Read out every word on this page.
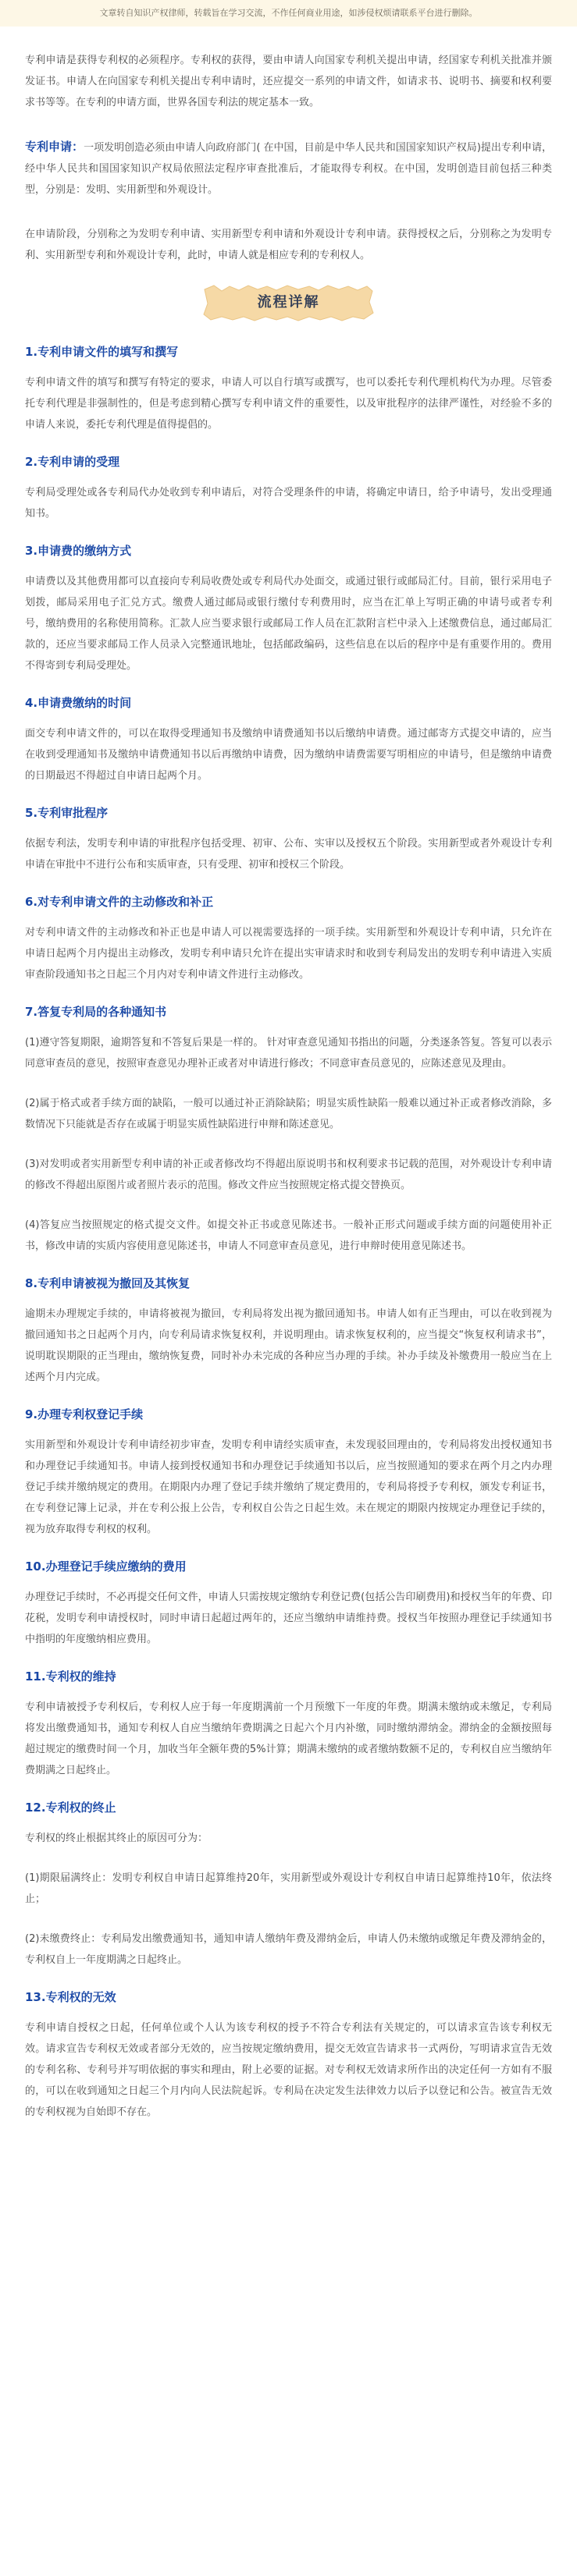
文章转自知识产权律师，转载旨在学习交流，不作任何商业用途，如涉侵权烦请联系平台进行删除。

专利申请是获得专利权的必须程序。专利权的获得，要由申请人向国家专利机关提出申请，经国家专利机关批准并颁发证书。申请人在向国家专利机关提出专利申请时，还应提交一系列的申请文件，如请求书、说明书、摘要和权利要求书等等。在专利的申请方面，世界各国专利法的规定基本一致。

专利申请：一项发明创造必须由申请人向政府部门( 在中国，目前是中华人民共和国国家知识产权局)提出专利申请，经中华人民共和国国家知识产权局依照法定程序审查批准后，才能取得专利权。在中国，发明创造目前包括三种类型，分别是：发明、实用新型和外观设计。

在申请阶段，分别称之为发明专利申请、实用新型专利申请和外观设计专利申请。获得授权之后，分别称之为发明专利、实用新型专利和外观设计专利，此时，申请人就是相应专利的专利权人。

流程详解
1.专利申请文件的填写和撰写

专利申请文件的填写和撰写有特定的要求，申请人可以自行填写或撰写，也可以委托专利代理机构代为办理。尽管委托专利代理是非强制性的，但是考虑到精心撰写专利申请文件的重要性，以及审批程序的法律严谨性，对经验不多的申请人来说，委托专利代理是值得提倡的。

2.专利申请的受理

专利局受理处或各专利局代办处收到专利申请后，对符合受理条件的申请，将确定申请日，给予申请号，发出受理通知书。

3.申请费的缴纳方式

申请费以及其他费用都可以直接向专利局收费处或专利局代办处面交，或通过银行或邮局汇付。目前，银行采用电子划拨，邮局采用电子汇兑方式。缴费人通过邮局或银行缴付专利费用时，应当在汇单上写明正确的申请号或者专利号，缴纳费用的名称使用简称。汇款人应当要求银行或邮局工作人员在汇款附言栏中录入上述缴费信息，通过邮局汇款的，还应当要求邮局工作人员录入完整通讯地址，包括邮政编码，这些信息在以后的程序中是有重要作用的。费用不得寄到专利局受理处。

4.申请费缴纳的时间

面交专利申请文件的，可以在取得受理通知书及缴纳申请费通知书以后缴纳申请费。通过邮寄方式提交申请的，应当在收到受理通知书及缴纳申请费通知书以后再缴纳申请费，因为缴纳申请费需要写明相应的申请号，但是缴纳申请费的日期最迟不得超过自申请日起两个月。

5.专利审批程序

依据专利法，发明专利申请的审批程序包括受理、初审、公布、实审以及授权五个阶段。实用新型或者外观设计专利申请在审批中不进行公布和实质审查，只有受理、初审和授权三个阶段。

6.对专利申请文件的主动修改和补正

对专利申请文件的主动修改和补正也是申请人可以视需要选择的一项手续。实用新型和外观设计专利申请，只允许在申请日起两个月内提出主动修改，发明专利申请只允许在提出实审请求时和收到专利局发出的发明专利申请进入实质审查阶段通知书之日起三个月内对专利申请文件进行主动修改。

7.答复专利局的各种通知书

(1)遵守答复期限，逾期答复和不答复后果是一样的。 针对审查意见通知书指出的问题，分类逐条答复。答复可以表示同意审查员的意见，按照审查意见办理补正或者对申请进行修改；不同意审查员意见的，应陈述意见及理由。

(2)属于格式或者手续方面的缺陷，一般可以通过补正消除缺陷；明显实质性缺陷一般难以通过补正或者修改消除，多数情况下只能就是否存在或属于明显实质性缺陷进行申辩和陈述意见。

(3)对发明或者实用新型专利申请的补正或者修改均不得超出原说明书和权利要求书记载的范围，对外观设计专利申请的修改不得超出原图片或者照片表示的范围。修改文件应当按照规定格式提交替换页。

(4)答复应当按照规定的格式提交文件。如提交补正书或意见陈述书。一般补正形式问题或手续方面的问题使用补正书，修改申请的实质内容使用意见陈述书，申请人不同意审查员意见，进行申辩时使用意见陈述书。

8.专利申请被视为撤回及其恢复

逾期未办理规定手续的，申请将被视为撤回，专利局将发出视为撤回通知书。申请人如有正当理由，可以在收到视为撤回通知书之日起两个月内，向专利局请求恢复权利，并说明理由。请求恢复权利的，应当提交“恢复权利请求书”，说明耽误期限的正当理由，缴纳恢复费，同时补办未完成的各种应当办理的手续。补办手续及补缴费用一般应当在上述两个月内完成。

9.办理专利权登记手续

实用新型和外观设计专利申请经初步审查，发明专利申请经实质审查，未发现驳回理由的，专利局将发出授权通知书和办理登记手续通知书。申请人接到授权通知书和办理登记手续通知书以后，应当按照通知的要求在两个月之内办理登记手续并缴纳规定的费用。在期限内办理了登记手续并缴纳了规定费用的，专利局将授予专利权，颁发专利证书，在专利登记簿上记录，并在专利公报上公告，专利权自公告之日起生效。未在规定的期限内按规定办理登记手续的，视为放弃取得专利权的权利。

10.办理登记手续应缴纳的费用

办理登记手续时，不必再提交任何文件，申请人只需按规定缴纳专利登记费(包括公告印刷费用)和授权当年的年费、印花税，发明专利申请授权时，同时申请日起超过两年的，还应当缴纳申请维持费。授权当年按照办理登记手续通知书中指明的年度缴纳相应费用。

11.专利权的维持

专利申请被授予专利权后，专利权人应于每一年度期满前一个月预缴下一年度的年费。期满未缴纳或未缴足，专利局将发出缴费通知书，通知专利权人自应当缴纳年费期满之日起六个月内补缴，同时缴纳滞纳金。滞纳金的金额按照每超过规定的缴费时间一个月，加收当年全额年费的5%计算；期满未缴纳的或者缴纳数额不足的，专利权自应当缴纳年费期满之日起终止。

12.专利权的终止

专利权的终止根据其终止的原因可分为：

(1)期限届满终止：发明专利权自申请日起算维持20年，实用新型或外观设计专利权自申请日起算维持10年，依法终止；

(2)未缴费终止：专利局发出缴费通知书，通知申请人缴纳年费及滞纳金后，申请人仍未缴纳或缴足年费及滞纳金的，专利权自上一年度期满之日起终止。

13.专利权的无效

专利申请自授权之日起，任何单位或个人认为该专利权的授予不符合专利法有关规定的，可以请求宣告该专利权无效。请求宣告专利权无效或者部分无效的，应当按规定缴纳费用，提交无效宣告请求书一式两份，写明请求宣告无效的专利名称、专利号并写明依据的事实和理由，附上必要的证据。对专利权无效请求所作出的决定任何一方如有不服的，可以在收到通知之日起三个月内向人民法院起诉。专利局在决定发生法律效力以后予以登记和公告。被宣告无效的专利权视为自始即不存在。
